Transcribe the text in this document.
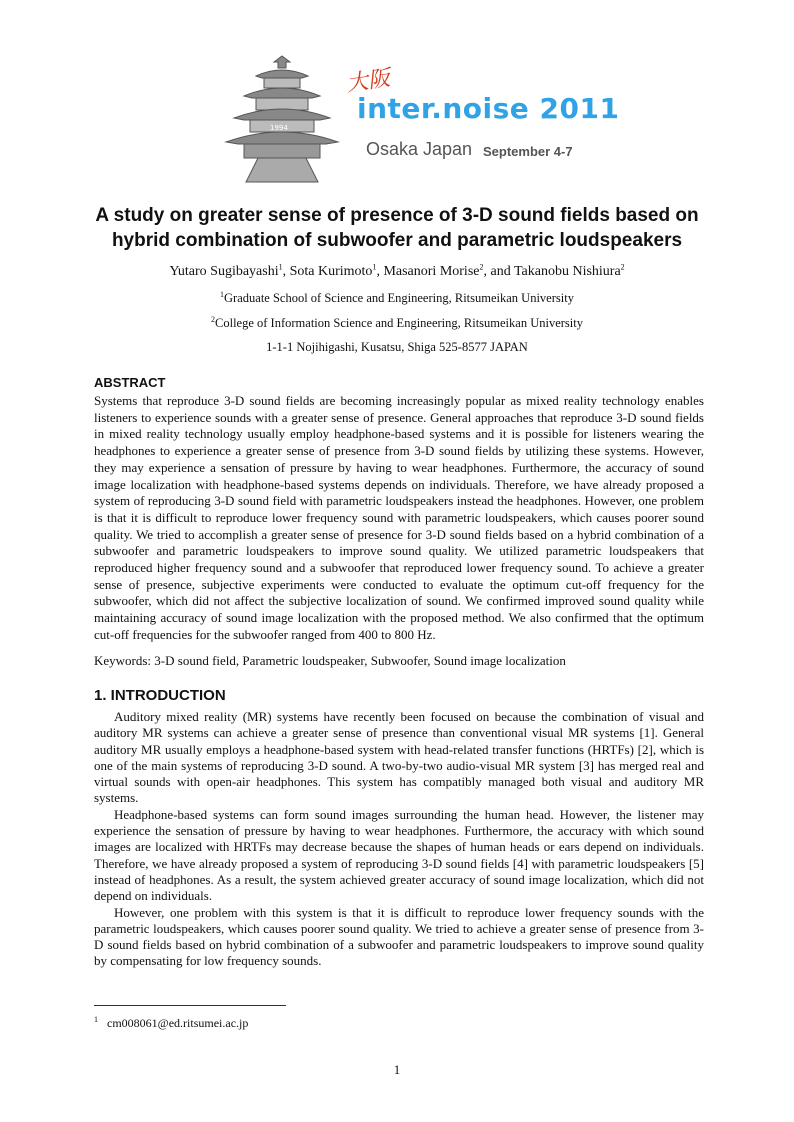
1994
大阪
inter.noise 2011
Osaka Japan September 4-7
A study on greater sense of presence of 3-D sound fields based on
hybrid combination of subwoofer and parametric loudspeakers
Yutaro Sugibayashi$^1$, Sota Kurimoto$^1$, Masanori Morise$^2$, and Takanobu Nishiura$^2$
$^1$Graduate School of Science and Engineering, Ritsumeikan University
$^2$College of Information Science and Engineering, Ritsumeikan University
1-1-1 Nojihigashi, Kusatsu, Shiga 525-8577 JAPAN
ABSTRACT

Systems that reproduce 3-D sound fields are becoming increasingly popular as mixed reality technology enables listeners to experience sounds with a greater sense of presence. General approaches that reproduce 3-D sound fields in mixed reality technology usually employ headphone-based systems and it is possible for listeners wearing the headphones to experience a greater sense of presence from 3-D sound fields by utilizing these systems. However, they may experience a sensation of pressure by having to wear headphones. Furthermore, the accuracy of sound image localization with headphone-based systems depends on individuals. Therefore, we have already proposed a system of reproducing 3-D sound field with parametric loudspeakers instead the headphones. However, one problem is that it is difficult to reproduce lower frequency sound with parametric loudspeakers, which causes poorer sound quality. We tried to accomplish a greater sense of presence for 3-D sound fields based on a hybrid combination of a subwoofer and parametric loudspeakers to improve sound quality. We utilized parametric loudspeakers that reproduced higher frequency sound and a subwoofer that reproduced lower frequency sound. To achieve a greater sense of presence, subjective experiments were conducted to evaluate the optimum cut-off frequency for the subwoofer, which did not affect the subjective localization of sound. We confirmed improved sound quality while maintaining accuracy of sound image localization with the proposed method. We also confirmed that the optimum cut-off frequencies for the subwoofer ranged from 400 to 800 Hz.

Keywords: 3-D sound field, Parametric loudspeaker, Subwoofer, Sound image localization
1. INTRODUCTION

Auditory mixed reality (MR) systems have recently been focused on because the combination of visual and auditory MR systems can achieve a greater sense of presence than conventional visual MR systems [1]. General auditory MR usually employs a headphone-based system with head-related transfer functions (HRTFs) [2], which is one of the main systems of reproducing 3-D sound. A two-by-two audio-visual MR system [3] has merged real and virtual sounds with open-air headphones. This system has compatibly managed both visual and auditory MR systems.

Headphone-based systems can form sound images surrounding the human head. However, the listener may experience the sensation of pressure by having to wear headphones. Furthermore, the accuracy with which sound images are localized with HRTFs may decrease because the shapes of human heads or ears depend on individuals. Therefore, we have already proposed a system of reproducing 3-D sound fields [4] with parametric loudspeakers [5] instead of headphones. As a result, the system achieved greater accuracy of sound image localization, which did not depend on individuals.

However, one problem with this system is that it is difficult to reproduce lower frequency sounds with the parametric loudspeakers, which causes poorer sound quality. We tried to achieve a greater sense of presence from 3-D sound fields based on hybrid combination of a subwoofer and parametric loudspeakers to improve sound quality by compensating for low frequency sounds.

$^1$ cm008061@ed.ritsumei.ac.jp
1
